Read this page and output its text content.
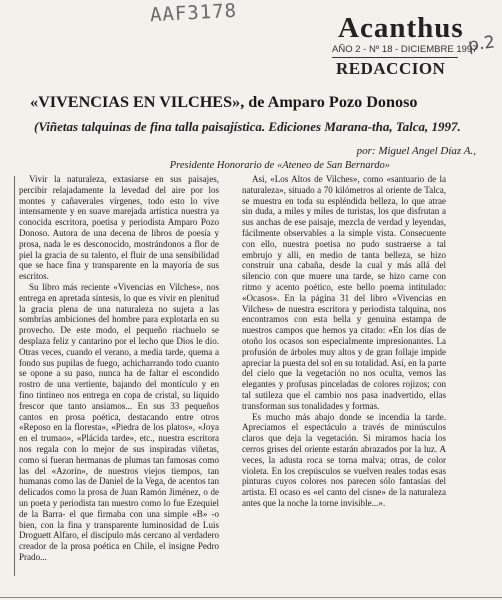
AAF3178
p.2
Acanthus
AÑO 2 - Nº 18 - DICIEMBRE 1997
REDACCION
«VIVENCIAS EN VILCHES», de Amparo Pozo Donoso
(Viñetas talquinas de fina talla paisajística. Ediciones Marana-tha, Talca, 1997.
por: Miguel Angel Díaz A.,
Presidente Honorario de «Ateneo de San Bernardo»

Vivir la naturaleza, extasiarse en sus paisajes, percibir relajadamente la levedad del aire por los montes y cañaverales vírgenes, todo esto lo vive intensamente y en suave marejada artística nuestra ya conocida escritora, poetisa y periodista Amparo Pozo Donoso. Autora de una decena de libros de poesía y prosa, nada le es desconocido, mostrándonos a flor de piel la gracia de su talento, el fluir de una sensibilidad que se hace fina y transparente en la mayoría de sus escritos.

Su libro más reciente «Vivencias en Vilches», nos entrega en apretada síntesis, lo que es vivir en plenitud la gracia plena de una naturaleza no sujeta a las sombrías ambiciones del hombre para explotarla en su provecho. De este modo, el pequeño riachuelo se desplaza feliz y cantarino por el lecho que Dios le dio. Otras veces, cuando el verano, a media tarde, quema a fondo sus pupilas de fuego, achicharrando todo cuanto se opone a su paso, nunca ha de faltar el escondido rostro de una vertiente, bajando del montículo y en fino tintineo nos entrega en copa de cristal, su líquido frescor que tanto ansiamos... En sus 33 pequeños cantos en prosa poética, destacando entre otros «Reposo en la floresta», «Piedra de los platos», «Joya en el trumao», «Plácida tarde», etc., nuestra escritora nos regala con lo mejor de sus inspiradas viñetas, como si fueran hermanas de plumas tan famosas como las del «Azorín», de nuestros viejos tiempos, tan humanas como las de Daniel de la Vega, de acentos tan delicados como la prosa de Juan Ramón Jiménez, o de un poeta y periodista tan nuestro como lo fue Ezequiel de la Barra- el que firmaba con una simple «B» -o bien, con la fina y transparente luminosidad de Luis Droguett Alfaro, el discípulo más cercano al verdadero creador de la prosa poética en Chile, el insigne Pedro Prado...

Así, «Los Altos de Vilches», como «santuario de la naturaleza», situado a 70 kilómetros al oriente de Talca, se muestra en toda su espléndida belleza, lo que atrae sin duda, a miles y miles de turistas, los que disfrutan a sus anchas de ese paisaje, mezcla de verdad y leyendas, fácilmente observables a la simple vista. Consecuente con ello, nuestra poetisa no pudo sustraerse a tal embrujo y allí, en medio de tanta belleza, se hizo construir una cabaña, desde la cual y más allá del silencio con que muere una tarde, se hizo carne con ritmo y acento poético, este bello poema intitulado: «Ocasos». En la página 31 del libro «Vivencias en Vilches» de nuestra escritora y periodista talquina, nos encontramos con esta bella y genuina estampa de nuestros campos que hemos ya citado: «En los días de otoño los ocasos son especialmente impresionantes. La profusión de árboles muy altos y de gran follaje impide apreciar la puesta del sol en su totalidad. Así, en la parte del cielo que la vegetación no nos oculta, vemos las elegantes y profusas pinceladas de colores rojizos; con tal sutileza que el cambio nos pasa inadvertido, ellas transforman sus tonalidades y formas.

Es mucho más abajo donde se incendia la tarde. Apreciamos el espectáculo a través de minúsculos claros que deja la vegetación. Si miramos hacia los cerros grises del oriente estarán abrazados por la luz. A veces, la adusta roca se torna malva; otras, de color violeta. En los crepúsculos se vuelven reales todas esas pinturas cuyos colores nos parecen sólo fantasías del artista. El ocaso es «el canto del cisne» de la naturaleza antes que la noche la torne invisible...».
